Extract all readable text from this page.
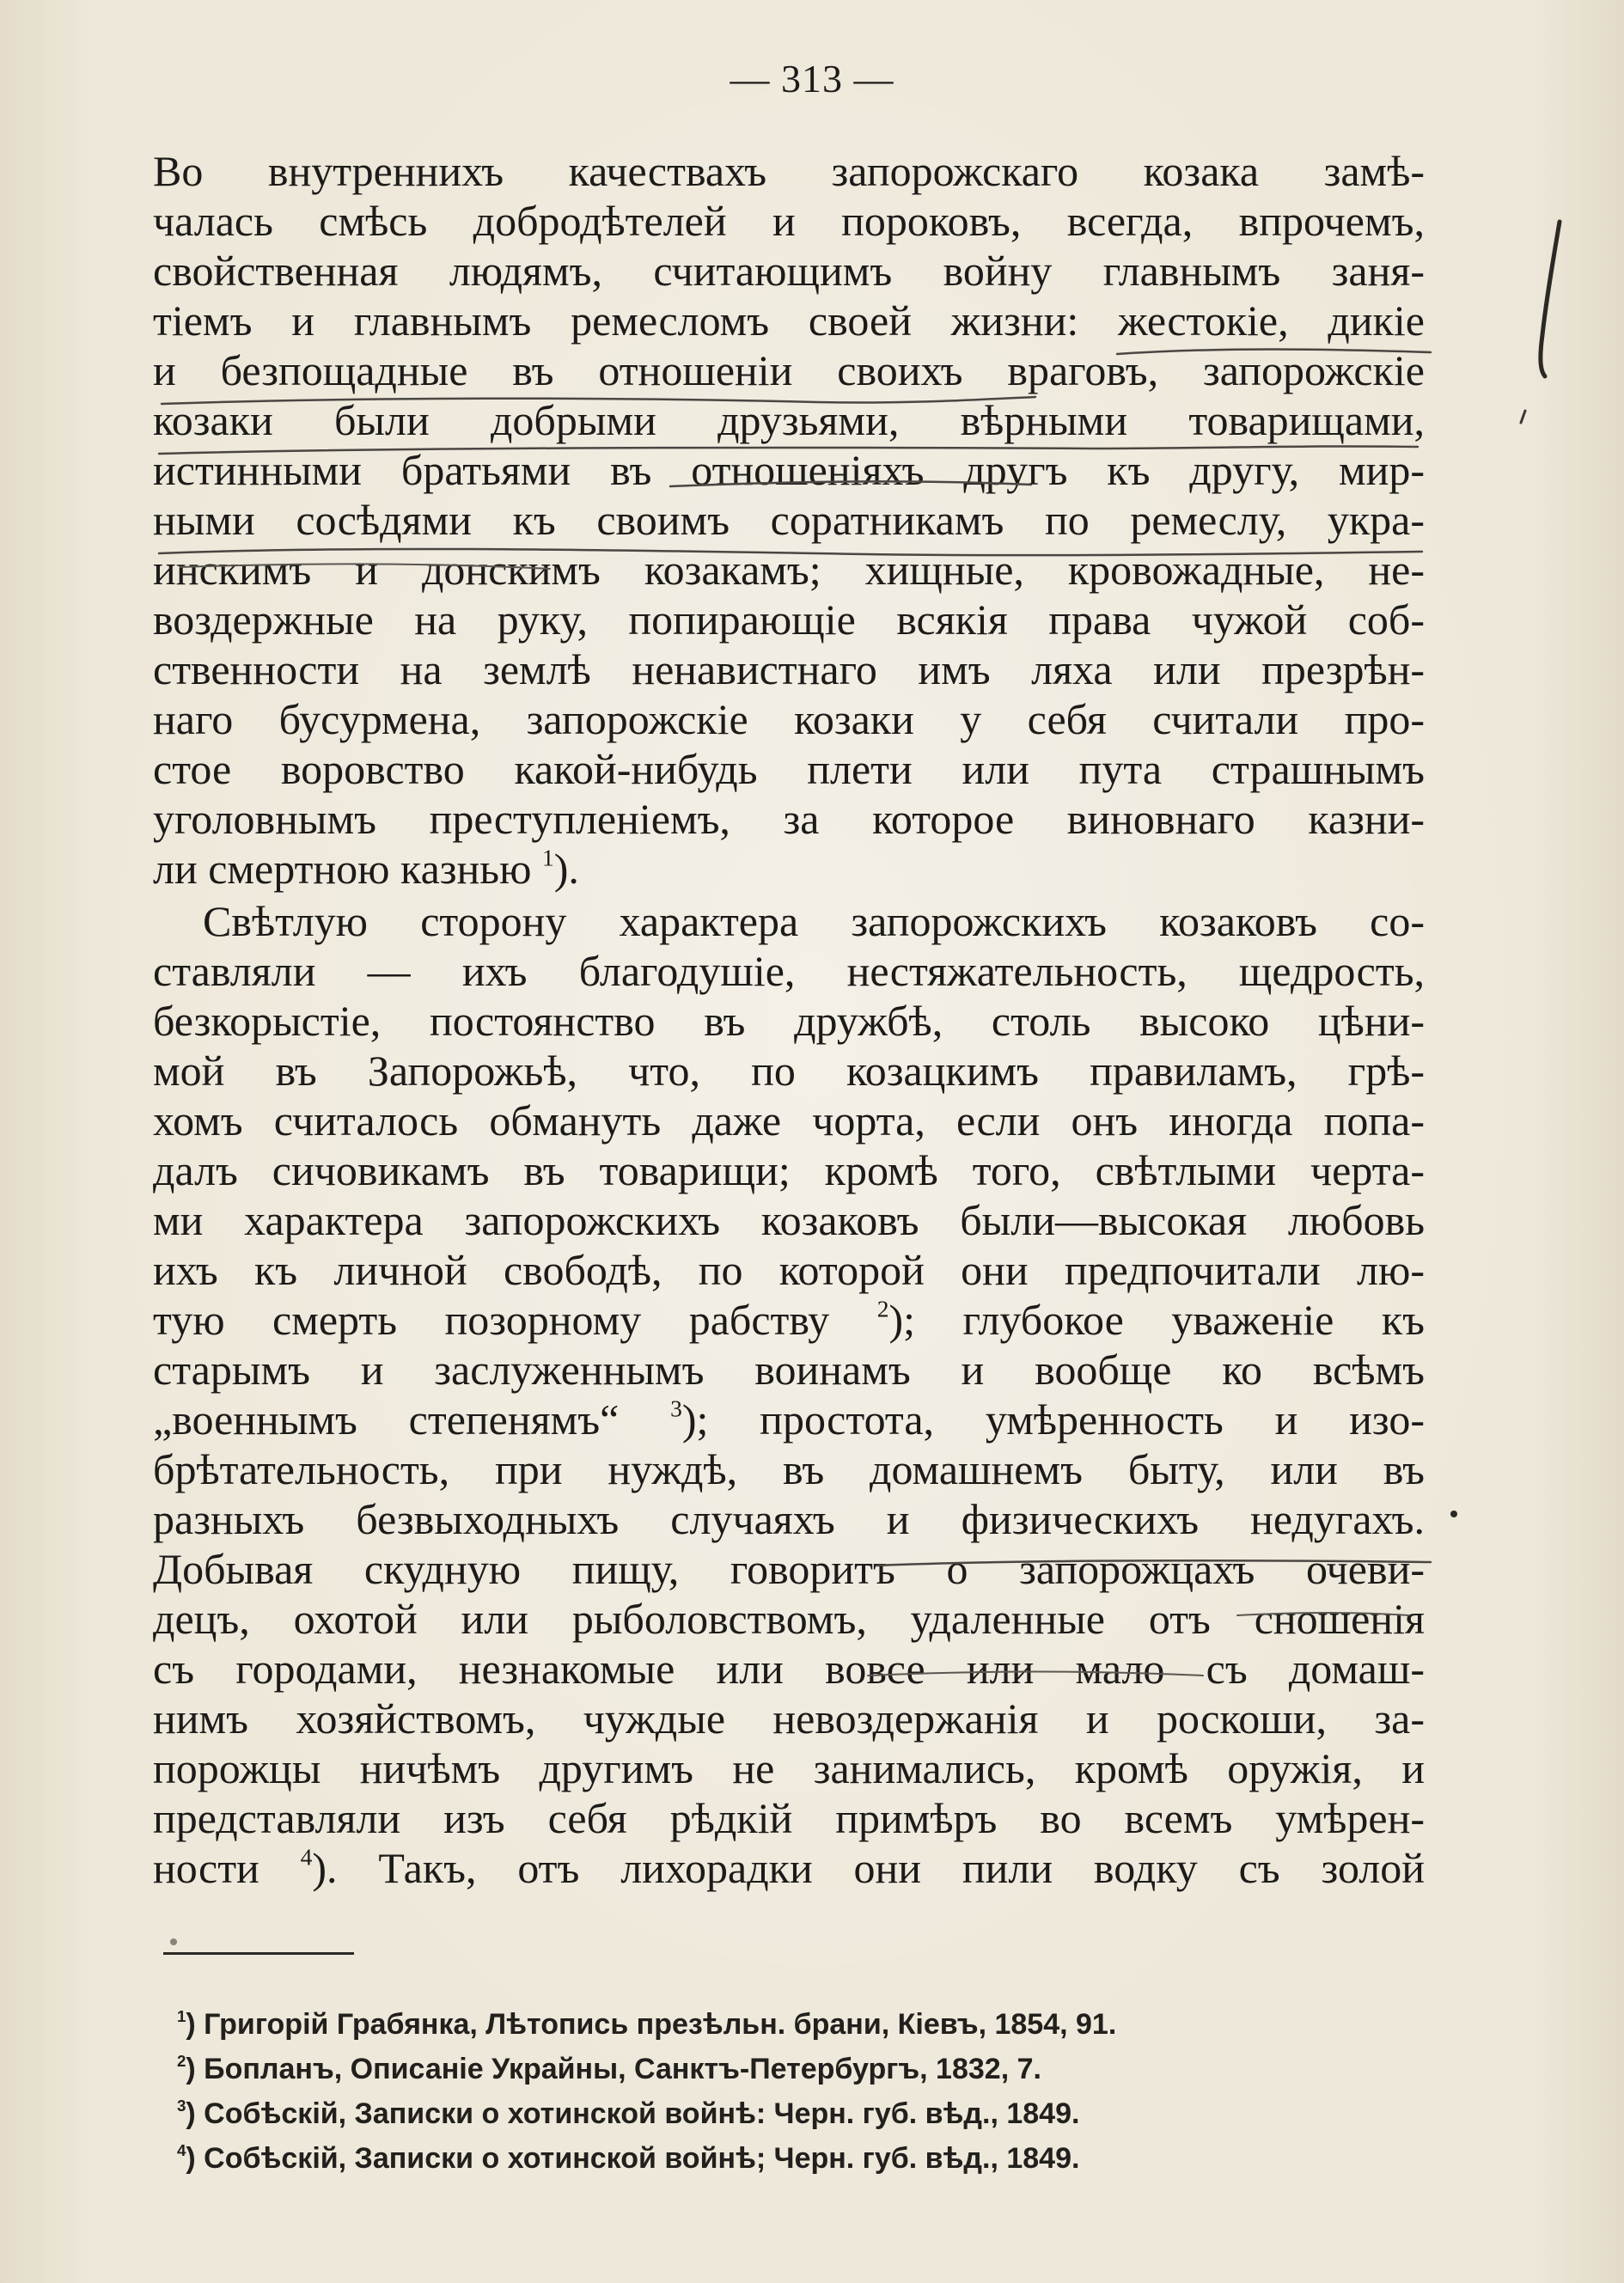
— 313 —
Во внутреннихъ качествахъ запорожскаго козака замѣ-
чалась смѣсь добродѣтелей и пороковъ, всегда, впрочемъ,
свойственная людямъ, считающимъ войну главнымъ заня-
тіемъ и главнымъ ремесломъ своей жизни: жестокіе, дикіе
и безпощадные въ отношеніи своихъ враговъ, запорожскіе
козаки были добрыми друзьями, вѣрными товарищами,
истинными братьями въ отношеніяхъ другъ къ другу, мир-
ными сосѣдями къ своимъ соратникамъ по ремеслу, укра-
инскимъ и донскимъ козакамъ; хищные, кровожадные, не-
воздержные на руку, попирающіе всякія права чужой соб-
ственности на землѣ ненавистнаго имъ ляха или презрѣн-
наго бусурмена, запорожскіе козаки у себя считали про-
стое воровство какой-нибудь плети или пута страшнымъ
уголовнымъ преступленіемъ, за которое виновнаго казни-
ли смертною казнью $^1$).
Свѣтлую сторону характера запорожскихъ козаковъ со-
ставляли — ихъ благодушіе, нестяжательность, щедрость,
безкорыстіе, постоянство въ дружбѣ, столь высоко цѣни-
мой въ Запорожьѣ, что, по козацкимъ правиламъ, грѣ-
хомъ считалось обмануть даже чорта, если онъ иногда попа-
далъ сичовикамъ въ товарищи; кромѣ того, свѣтлыми черта-
ми характера запорожскихъ козаковъ были—высокая любовь
ихъ къ личной свободѣ, по которой они предпочитали лю-
тую смерть позорному рабству $^2$); глубокое уваженіе къ
старымъ и заслуженнымъ воинамъ и вообще ко всѣмъ
„военнымъ степенямъ“ $^3$); простота, умѣренность и изо-
брѣтательность, при нуждѣ, въ домашнемъ быту, или въ
разныхъ безвыходныхъ случаяхъ и физическихъ недугахъ.
Добывая скудную пищу, говоритъ о запорожцахъ очеви-
децъ, охотой или рыболовствомъ, удаленные отъ сношенія
съ городами, незнакомые или вовсе или мало съ домаш-
нимъ хозяйствомъ, чуждые невоздержанія и роскоши, за-
порожцы ничѣмъ другимъ не занимались, кромѣ оружія, и
представляли изъ себя рѣдкій примѣръ во всемъ умѣрен-
ности $^4$). Такъ, отъ лихорадки они пили водку съ золой
$^1$) Григорій Грабянка, Лѣтопись презѣльн. брани, Кіевъ, 1854, 91.
$^2$) Бопланъ, Описаніе Украйны, Санктъ-Петербургъ, 1832, 7.
$^3$) Собѣскій, Записки о хотинской войнѣ: Черн. губ. вѣд., 1849.
$^4$) Собѣскій, Записки о хотинской войнѣ; Черн. губ. вѣд., 1849.
